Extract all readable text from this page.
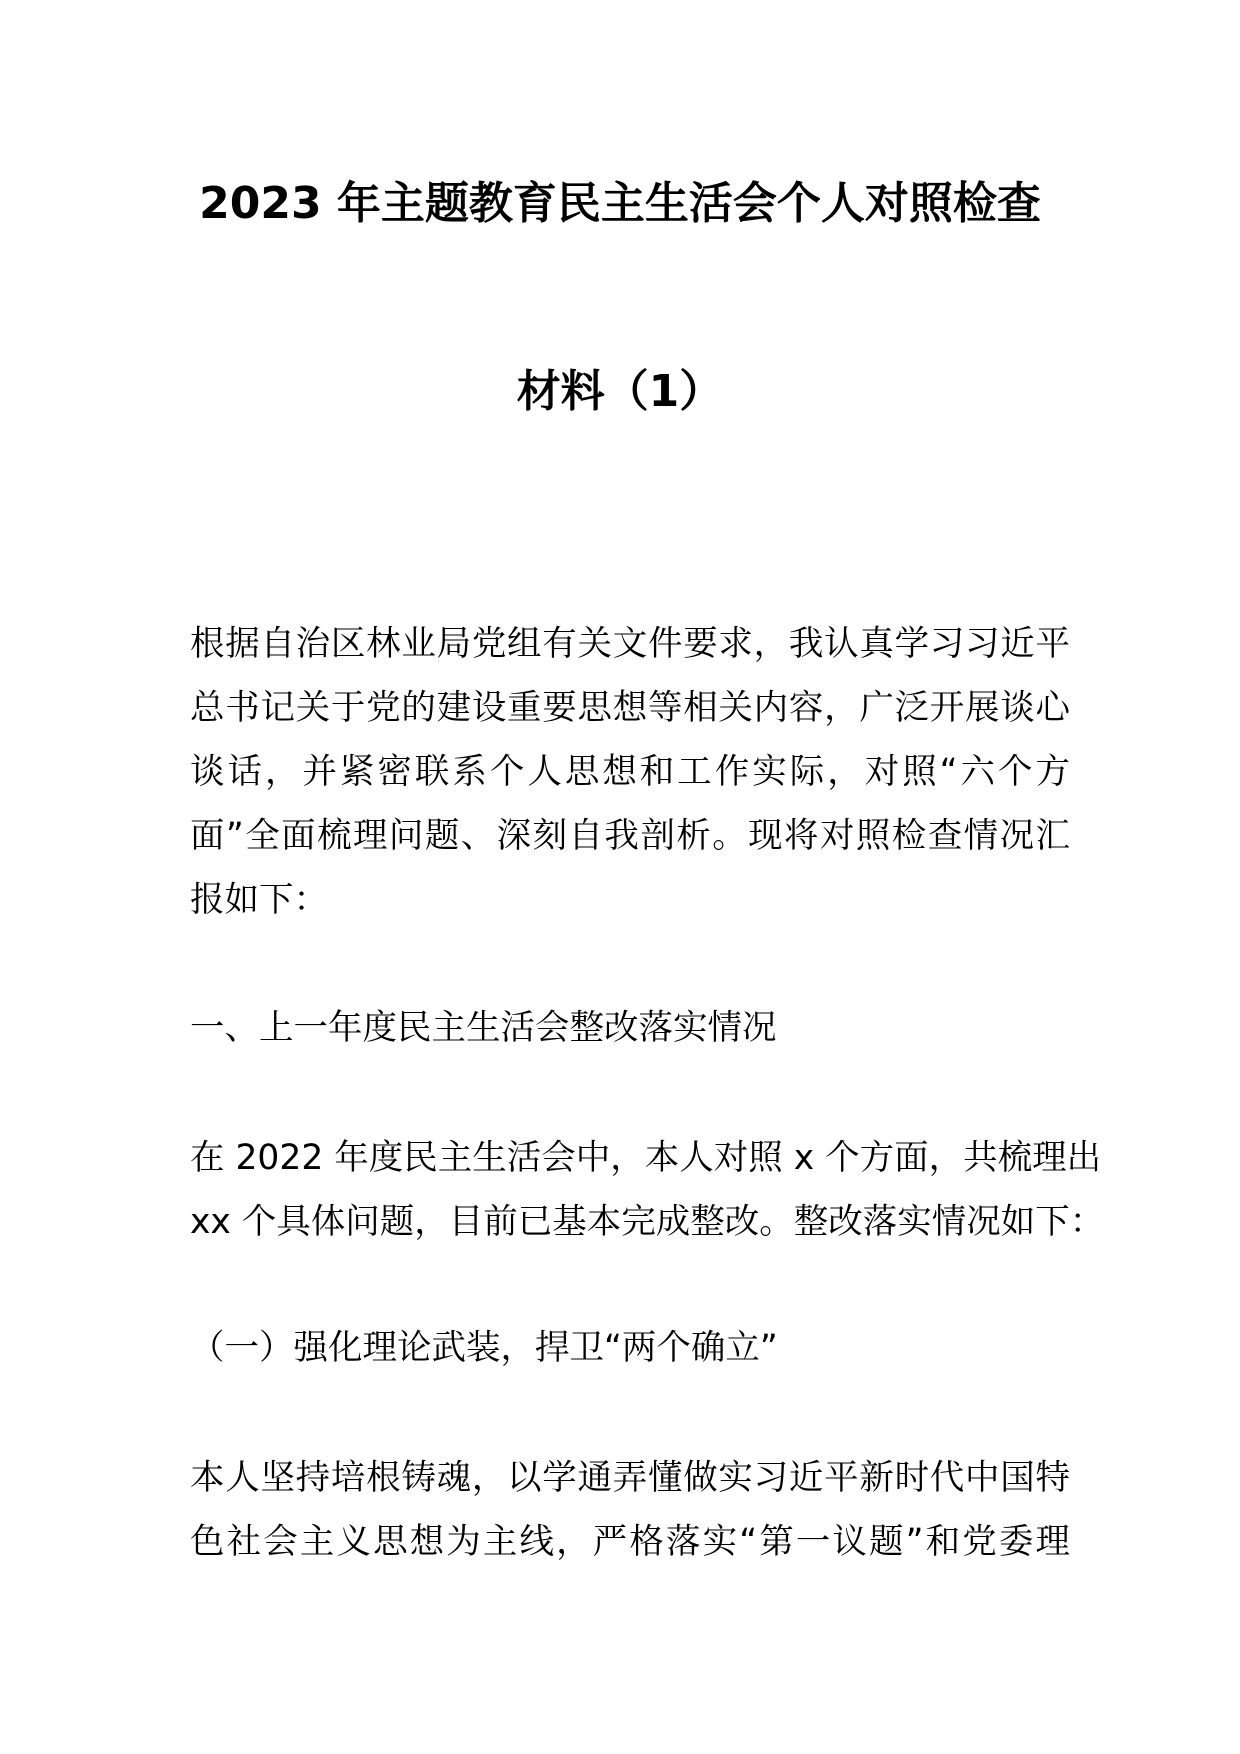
2023 年主题教育民主生活会个人对照检查
材料（1）
根据自治区林业局党组有关文件要求，我认真学习习近平
总书记关于党的建设重要思想等相关内容，广泛开展谈心
谈话，并紧密联系个人思想和工作实际，对照“六个方
面”全面梳理问题、深刻自我剖析。现将对照检查情况汇
报如下：
一、上一年度民主生活会整改落实情况
在 2022 年度民主生活会中，本人对照 x 个方面，共梳理出
xx 个具体问题，目前已基本完成整改。整改落实情况如下：
（一）强化理论武装，捍卫“两个确立”
本人坚持培根铸魂，以学通弄懂做实习近平新时代中国特
色社会主义思想为主线，严格落实“第一议题”和党委理
